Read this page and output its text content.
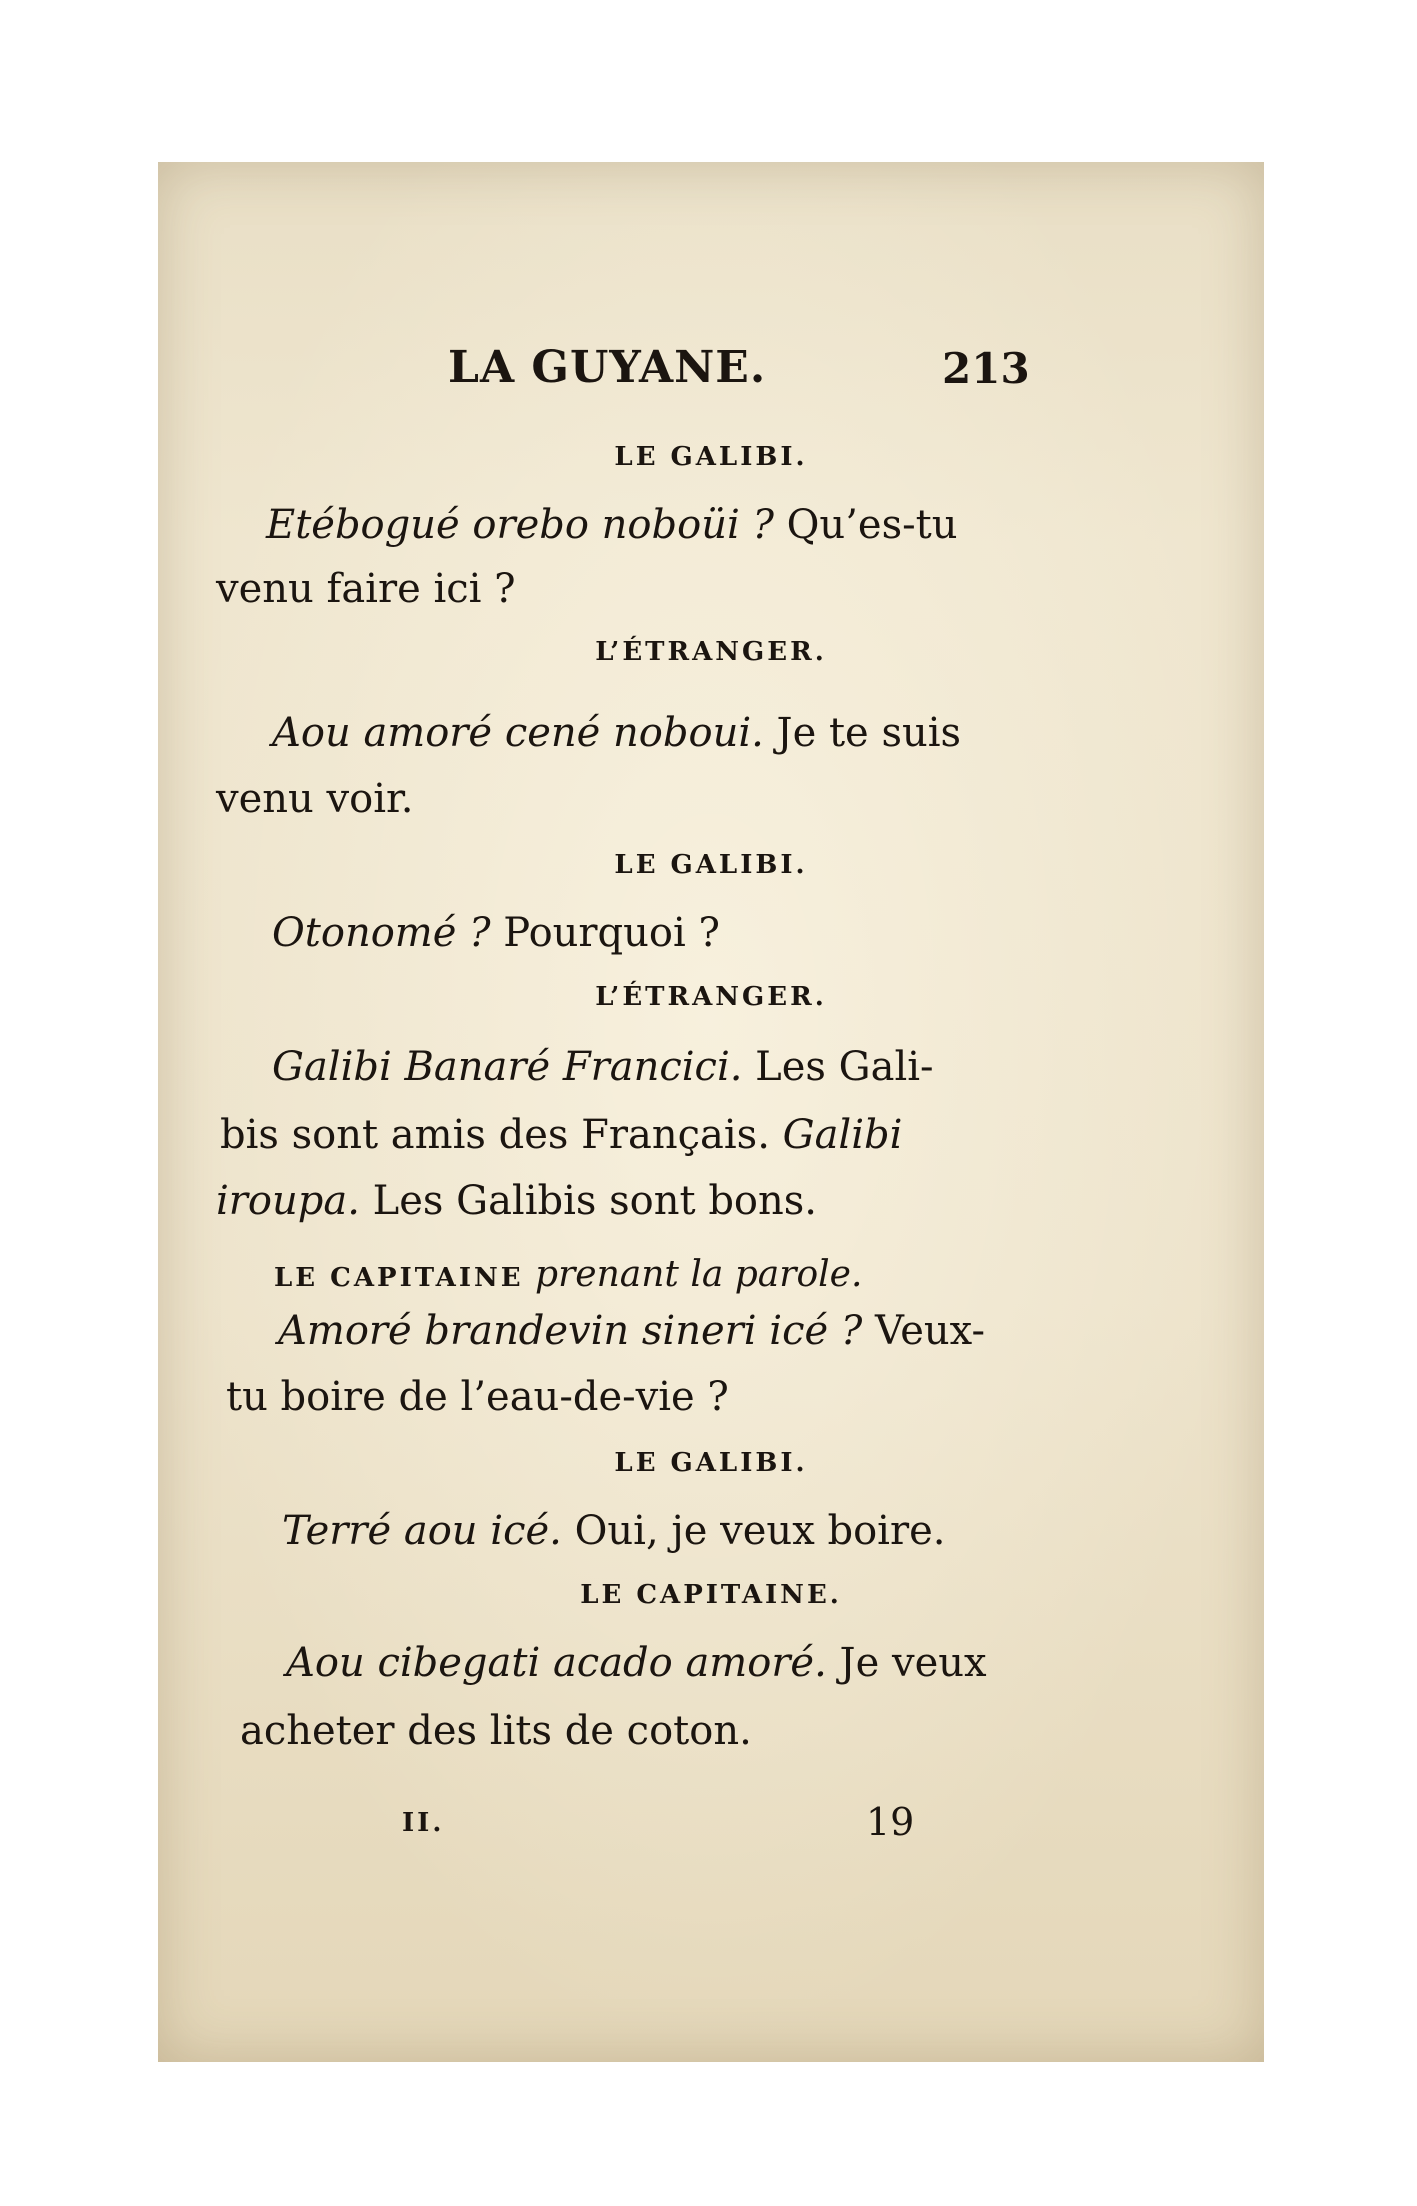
LA GUYANE.	213
LE GALIBI.
Etébogué orebo noboüi ? Qu’es-tu
venu faire ici ?
L’ÉTRANGER.
Aou amoré cené noboui. Je te suis
venu voir.
LE GALIBI.
Otonomé ? Pourquoi ?
L’ÉTRANGER.
Galibi Banaré Francici. Les Gali-
bis sont amis des Français. Galibi
iroupa. Les Galibis sont bons.
LE CAPITAINE prenant la parole.
Amoré brandevin sineri icé ? Veux-
tu boire de l’eau-de-vie ?
LE GALIBI.
Terré aou icé. Oui, je veux boire.
LE CAPITAINE.
Aou cibegati acado amoré. Je veux
acheter des lits de coton.
II.	19
